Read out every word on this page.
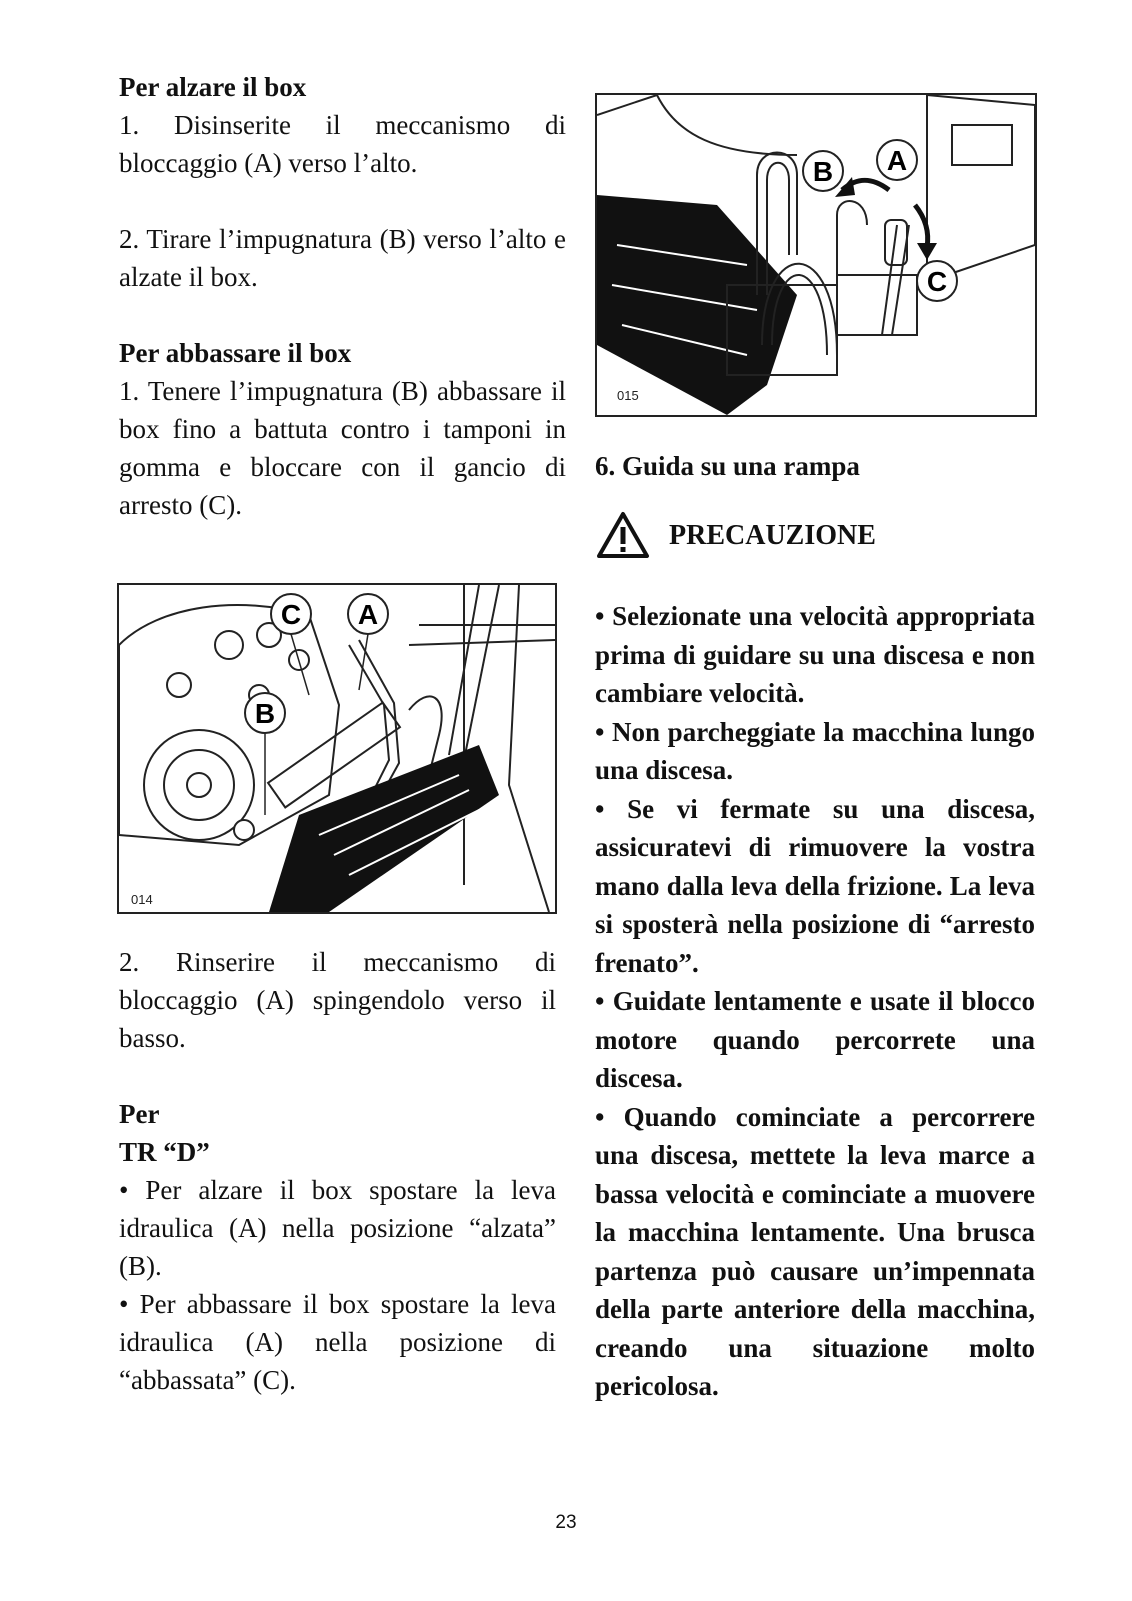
Per alzare il box

1. Disinserite il meccanismo di bloccaggio (A) verso l’alto.

2. Tirare l’impugnatura (B) verso l’alto e alzate il box.

Per abbassare il box

1. Tenere l’impugnatura (B) abbassare il box fino a battuta contro i tamponi in gomma e bloccare con il gancio di arresto (C).

C A
B
014

2. Rinserire il meccanismo di bloccaggio (A) spingendolo verso il basso.

Per

TR “D”

• Per alzare il box spostare la leva idraulica (A) nella posizione “alzata” (B).

• Per abbassare il box spostare la leva idraulica (A) nella posizione di “abbassata” (C).

B A
C
015

6. Guida su una rampa

PRECAUZIONE

• Selezionate una velocità appropriata prima di guidare su una discesa e non cambiare velocità.

• Non parcheggiate la macchina lungo una discesa.

• Se vi fermate su una discesa, assicuratevi di rimuovere la vostra mano dalla leva della frizione. La leva si sposterà nella posizione di “arresto frenato”.

• Guidate lentamente e usate il blocco motore quando percorrete una discesa.

• Quando cominciate a percorrere una discesa, mettete la leva marce a bassa velocità e cominciate a muovere la macchina lentamente. Una brusca partenza può causare un’impennata della parte anteriore della macchina, creando una situazione molto pericolosa.

23
